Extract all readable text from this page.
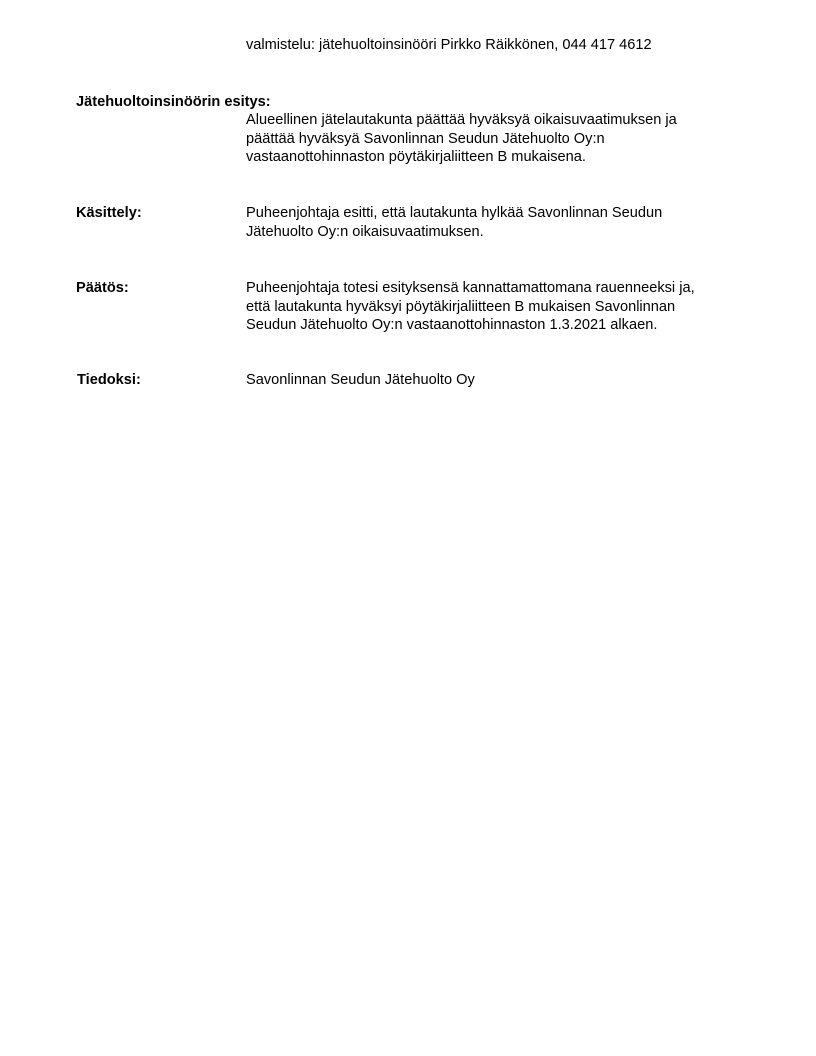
valmistelu: jätehuoltoinsinööri Pirkko Räikkönen, 044 417 4612

Jätehuoltoinsinöörin esitys:

Alueellinen jätelautakunta päättää hyväksyä oikaisuvaatimuksen ja
päättää hyväksyä Savonlinnan Seudun Jätehuolto Oy:n
vastaanottohinnaston pöytäkirjaliitteen B mukaisena.

Käsittely:	Puheenjohtaja esitti, että lautakunta hylkää Savonlinnan Seudun
Jätehuolto Oy:n oikaisuvaatimuksen.

Päätös:	Puheenjohtaja totesi esityksensä kannattamattomana rauenneeksi ja,
että lautakunta hyväksyi pöytäkirjaliitteen B mukaisen Savonlinnan
Seudun Jätehuolto Oy:n vastaanottohinnaston 1.3.2021 alkaen.

Tiedoksi:	Savonlinnan Seudun Jätehuolto Oy
